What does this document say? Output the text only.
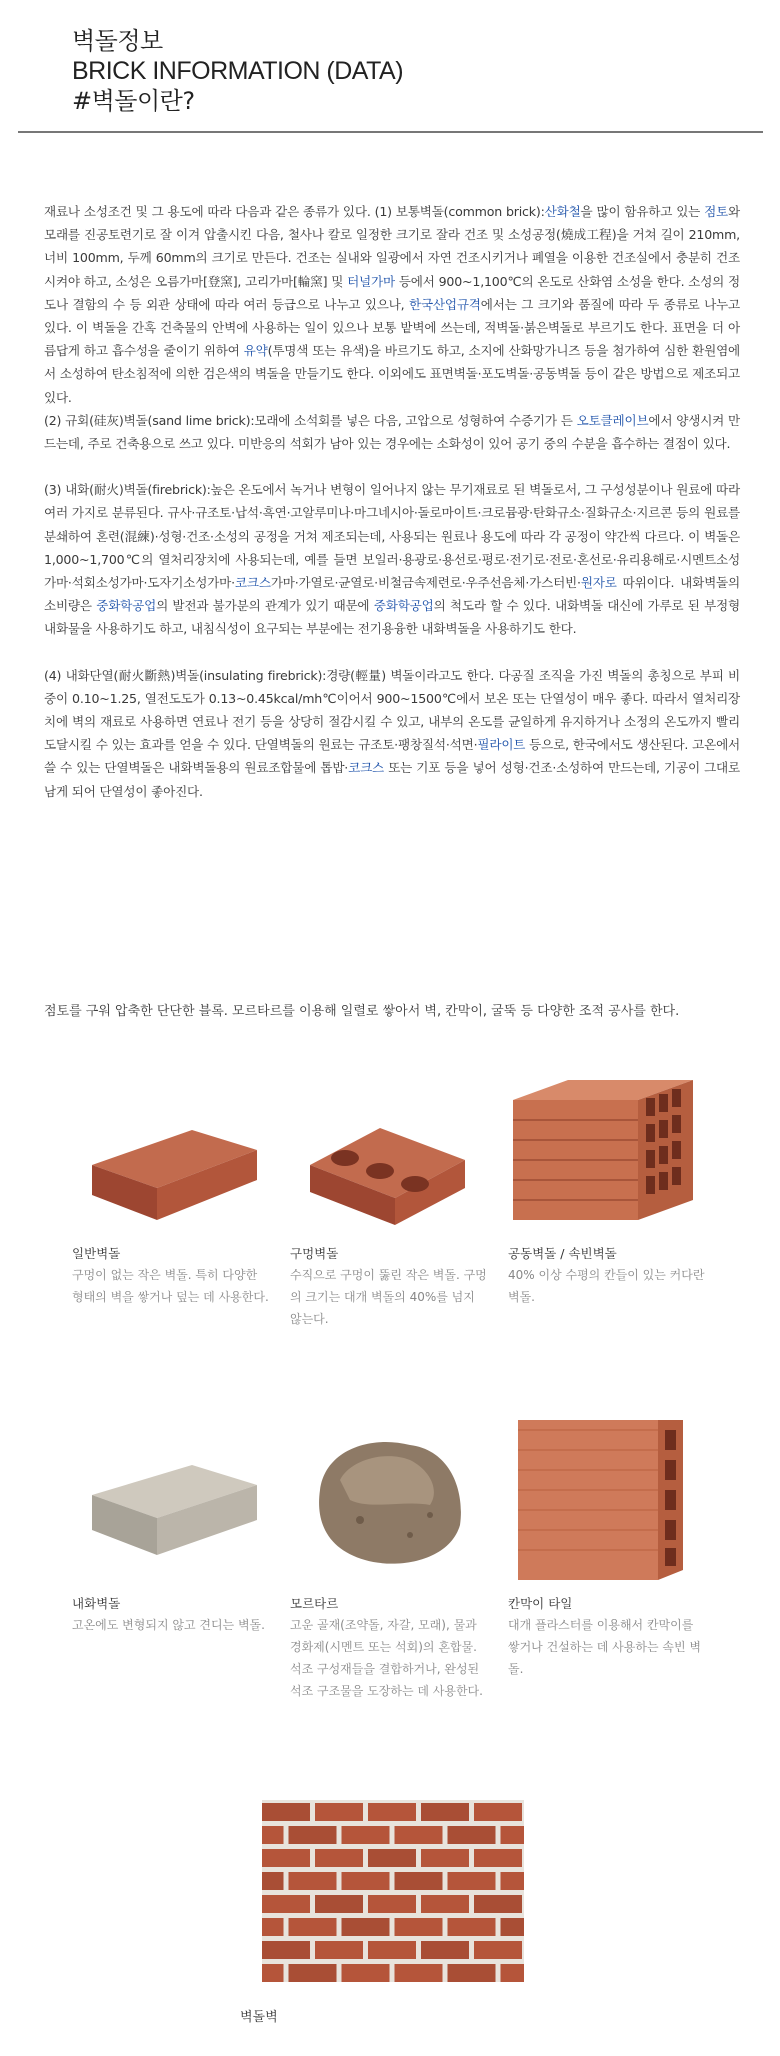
벽돌정보
BRICK INFORMATION (DATA)
#벽돌이란?

재료나 소성조건 및 그 용도에 따라 다음과 같은 종류가 있다. (1) 보통벽돌(common brick):산화철을 많이 함유하고 있는 점토와 모래를 진공토련기로 잘 이겨 압출시킨 다음, 철사나 칼로 일정한 크기로 잘라 건조 및 소성공정(燒成工程)을 거쳐 길이 210mm, 너비 100mm, 두께 60mm의 크기로 만든다. 건조는 실내와 일광에서 자연 건조시키거나 폐열을 이용한 건조실에서 충분히 건조시켜야 하고, 소성은 오름가마[登窯], 고리가마[輪窯] 및 터널가마 등에서 900~1,100℃의 온도로 산화염 소성을 한다. 소성의 정도나 결함의 수 등 외관 상태에 따라 여러 등급으로 나누고 있으나, 한국산업규격에서는 그 크기와 품질에 따라 두 종류로 나누고 있다. 이 벽돌을 간혹 건축물의 안벽에 사용하는 일이 있으나 보통 밭벽에 쓰는데, 적벽돌·붉은벽돌로 부르기도 한다. 표면을 더 아름답게 하고 흡수성을 줄이기 위하여 유약(투명색 또는 유색)을 바르기도 하고, 소지에 산화망가니즈 등을 첨가하여 심한 환원염에서 소성하여 탄소침적에 의한 검은색의 벽돌을 만들기도 한다. 이외에도 표면벽돌·포도벽돌·공동벽돌 등이 같은 방법으로 제조되고 있다.

(2) 규회(硅灰)벽돌(sand lime brick):모래에 소석회를 넣은 다음, 고압으로 성형하여 수증기가 든 오토클레이브에서 양생시켜 만드는데, 주로 건축용으로 쓰고 있다. 미반응의 석회가 남아 있는 경우에는 소화성이 있어 공기 중의 수분을 흡수하는 결점이 있다.

(3) 내화(耐火)벽돌(firebrick):높은 온도에서 녹거나 변형이 일어나지 않는 무기재료로 된 벽돌로서, 그 구성성분이나 원료에 따라 여러 가지로 분류된다. 규사·규조토·납석·흑연·고알루미나·마그네시아·돌로마이트·크로뮴광·탄화규소·질화규소·지르콘 등의 원료를 분쇄하여 혼련(混練)·성형·건조·소성의 공정을 거쳐 제조되는데, 사용되는 원료나 용도에 따라 각 공정이 약간씩 다르다. 이 벽돌은 1,000~1,700℃의 열처리장치에 사용되는데, 예를 들면 보일러·용광로·용선로·평로·전기로·전로·혼선로·유리용해로·시멘트소성가마·석회소성가마·도자기소성가마·코크스가마·가열로·균열로·비철금속제련로·우주선음체·가스터빈·원자로 따위이다. 내화벽돌의 소비량은 중화학공업의 발전과 불가분의 관계가 있기 때문에 중화학공업의 척도라 할 수 있다. 내화벽돌 대신에 가루로 된 부정형 내화물을 사용하기도 하고, 내침식성이 요구되는 부분에는 전기용융한 내화벽돌을 사용하기도 한다.

(4) 내화단열(耐火斷熱)벽돌(insulating firebrick):경량(輕量) 벽돌이라고도 한다. 다공질 조직을 가진 벽돌의 총칭으로 부피 비중이 0.10~1.25, 열전도도가 0.13~0.45kcal/mh℃이어서 900~1500℃에서 보온 또는 단열성이 매우 좋다. 따라서 열처리장치에 벽의 재료로 사용하면 연료나 전기 등을 상당히 절감시킬 수 있고, 내부의 온도를 균일하게 유지하거나 소정의 온도까지 빨리 도달시킬 수 있는 효과를 얻을 수 있다. 단열벽돌의 원료는 규조토·팽창질석·석면·필라이트 등으로, 한국에서도 생산된다. 고온에서 쓸 수 있는 단열벽돌은 내화벽돌용의 원료조합물에 톱밥·코크스 또는 기포 등을 넣어 성형·건조·소성하여 만드는데, 기공이 그대로 남게 되어 단열성이 좋아진다.

점토를 구워 압축한 단단한 블록. 모르타르를 이용해 일렬로 쌓아서 벽, 칸막이, 굴뚝 등 다양한 조적 공사를 한다.
일반벽돌
구멍이 없는 작은 벽돌. 특히 다양한 형태의 벽을 쌓거나 덮는 데 사용한다.
구멍벽돌
수직으로 구멍이 뚫린 작은 벽돌. 구멍의 크기는 대개 벽돌의 40%를 넘지 않는다.
공동벽돌 / 속빈벽돌
40% 이상 수평의 칸들이 있는 커다란 벽돌.
내화벽돌
고온에도 변형되지 않고 견디는 벽돌.
모르타르
고운 골재(조약돌, 자갈, 모래), 물과 경화제(시멘트 또는 석회)의 혼합물. 석조 구성재들을 결합하거나, 완성된 석조 구조물을 도장하는 데 사용한다.
칸막이 타일
대개 플라스터를 이용해서 칸막이를 쌓거나 건설하는 데 사용하는 속빈 벽돌.
벽돌벽
